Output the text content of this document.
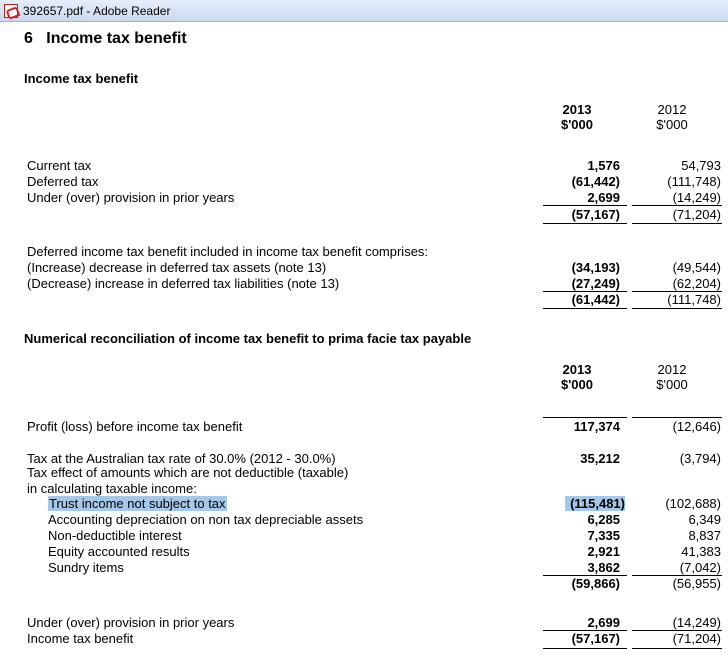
392657.pdf - Adobe Reader
6 Income tax benefit
Income tax benefit
2013
$'000
2012
$'000
Current tax	1,576	54,793
Deferred tax	(61,442)	(111,748)
Under (over) provision in prior years	2,699	(14,249)
(57,167)	(71,204)
Deferred income tax benefit included in income tax benefit comprises:
(Increase) decrease in deferred tax assets (note 13)	(34,193)	(49,544)
(Decrease) increase in deferred tax liabilities (note 13)	(27,249)	(62,204)
(61,442)	(111,748)
Numerical reconciliation of income tax benefit to prima facie tax payable
2013
$'000
2012
$'000
Profit (loss) before income tax benefit	117,374	(12,646)
Tax at the Australian tax rate of 30.0% (2012 - 30.0%)
Tax effect of amounts which are not deductible (taxable)
in calculating taxable income:
35,212	(3,794)
Trust income not subject to tax	(115,481)	(102,688)
Accounting depreciation on non tax depreciable assets	6,285	6,349
Non-deductible interest	7,335	8,837
Equity accounted results	2,921	41,383
Sundry items	3,862	(7,042)
(59,866)	(56,955)
Under (over) provision in prior years	2,699	(14,249)
Income tax benefit	(57,167)	(71,204)
